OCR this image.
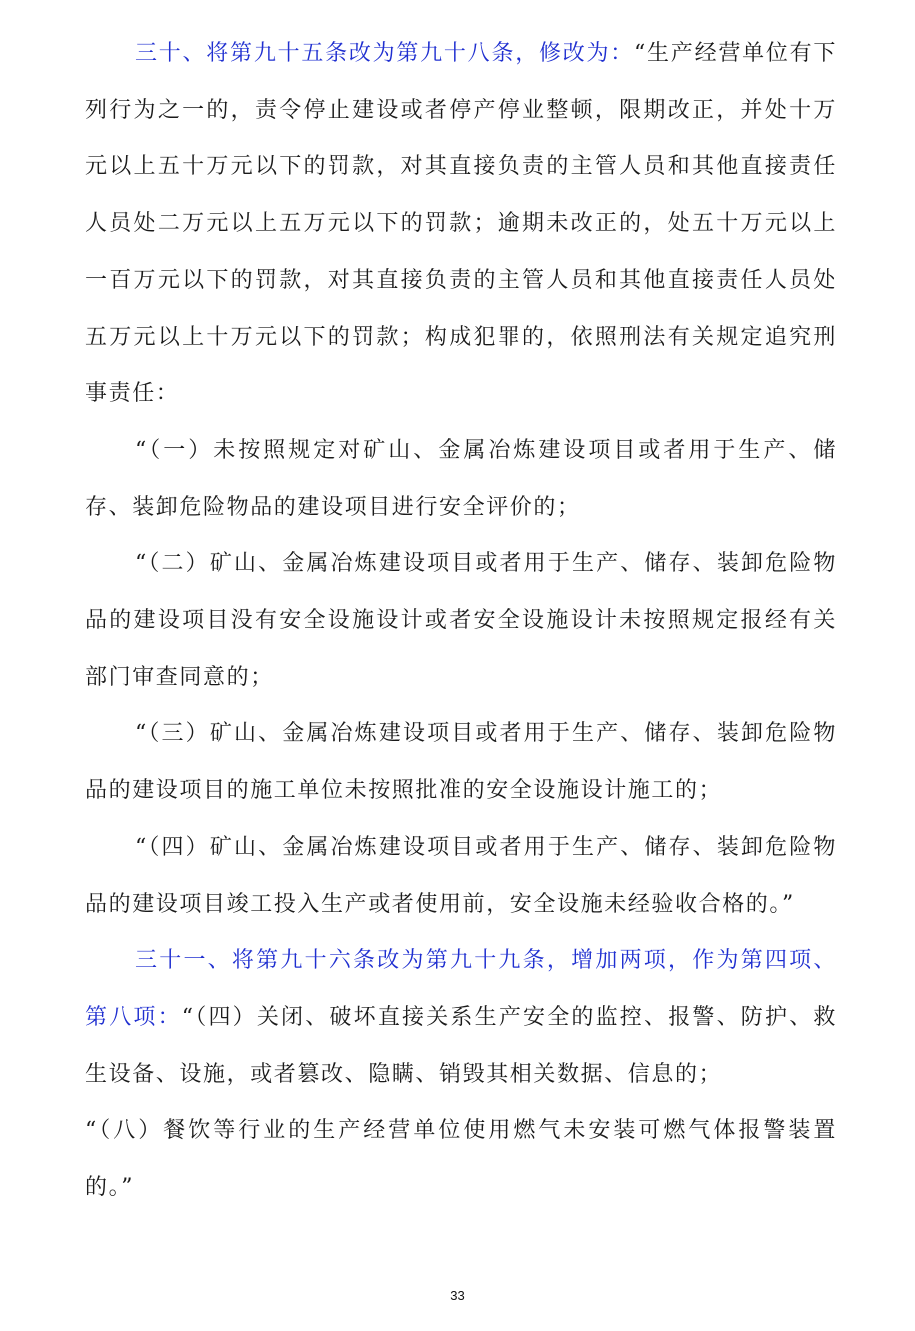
三十、将第九十五条改为第九十八条，修改为：“生产经营单位有下列行为之一的，责令停止建设或者停产停业整顿，限期改正，并处十万元以上五十万元以下的罚款，对其直接负责的主管人员和其他直接责任人员处二万元以上五万元以下的罚款；逾期未改正的，处五十万元以上一百万元以下的罚款，对其直接负责的主管人员和其他直接责任人员处五万元以上十万元以下的罚款；构成犯罪的，依照刑法有关规定追究刑事责任：

“（一）未按照规定对矿山、金属冶炼建设项目或者用于生产、储存、装卸危险物品的建设项目进行安全评价的；

“（二）矿山、金属冶炼建设项目或者用于生产、储存、装卸危险物品的建设项目没有安全设施设计或者安全设施设计未按照规定报经有关部门审查同意的；

“（三）矿山、金属冶炼建设项目或者用于生产、储存、装卸危险物品的建设项目的施工单位未按照批准的安全设施设计施工的；

“（四）矿山、金属冶炼建设项目或者用于生产、储存、装卸危险物品的建设项目竣工投入生产或者使用前，安全设施未经验收合格的。”

三十一、将第九十六条改为第九十九条，增加两项，作为第四项、第八项：“（四）关闭、破坏直接关系生产安全的监控、报警、防护、救生设备、设施，或者篡改、隐瞒、销毁其相关数据、信息的；

“（八）餐饮等行业的生产经营单位使用燃气未安装可燃气体报警装置的。”

33
